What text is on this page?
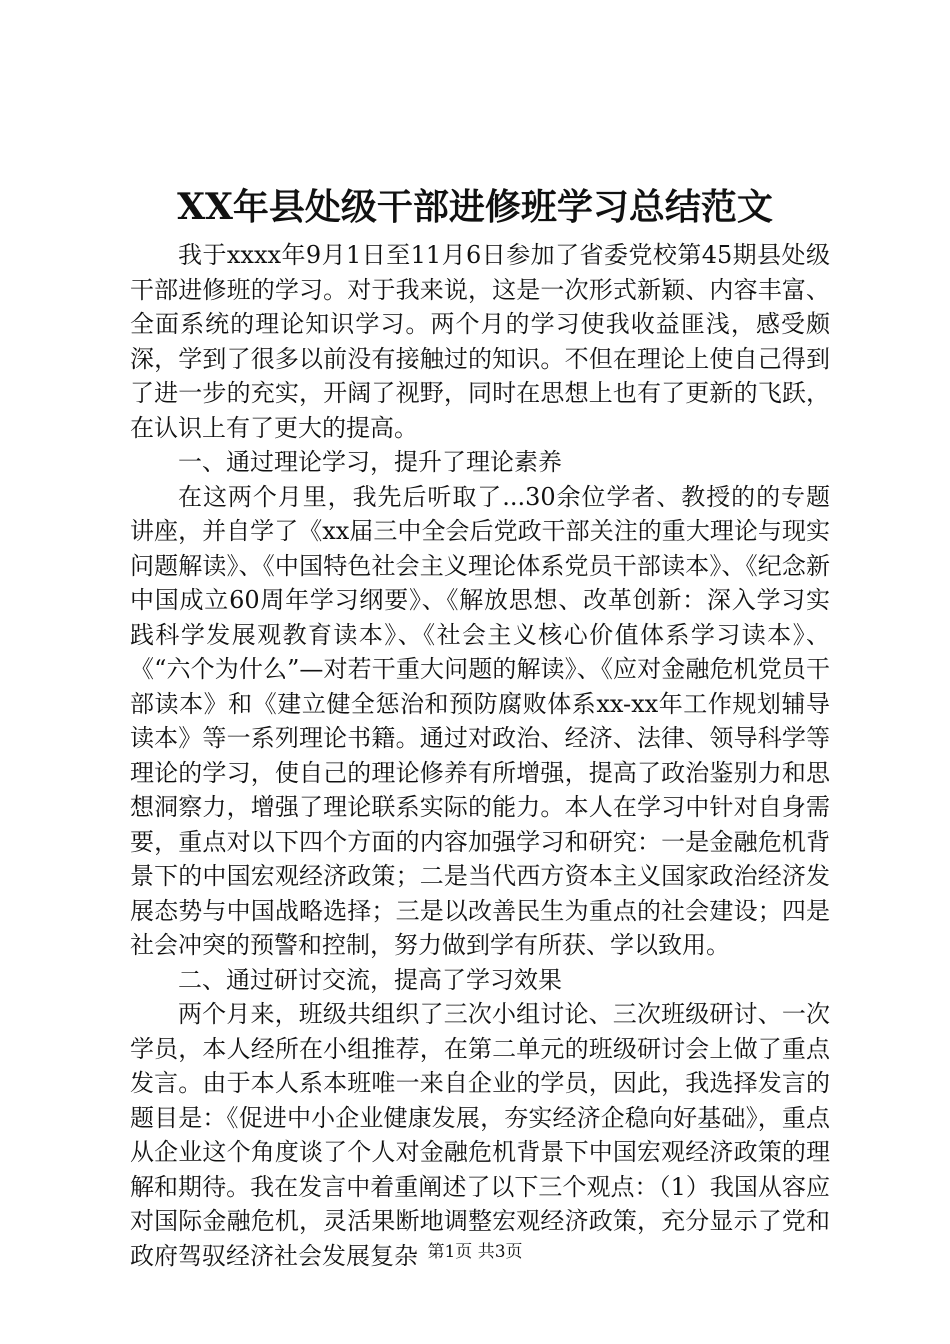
XX年县处级干部进修班学习总结范文

我于xxxx年9月1日至11月6日参加了省委党校第45期县处级干部进修班的学习。对于我来说，这是一次形式新颖、内容丰富、全面系统的理论知识学习。两个月的学习使我收益匪浅，感受颇深，学到了很多以前没有接触过的知识。不但在理论上使自己得到了进一步的充实，开阔了视野，同时在思想上也有了更新的飞跃，在认识上有了更大的提高。

一、通过理论学习，提升了理论素养

在这两个月里，我先后听取了...30余位学者、教授的的专题讲座，并自学了《xx届三中全会后党政干部关注的重大理论与现实问题解读》、《中国特色社会主义理论体系党员干部读本》、《纪念新中国成立60周年学习纲要》、《解放思想、改革创新：深入学习实践科学发展观教育读本》、《社会主义核心价值体系学习读本》、《“六个为什么”—对若干重大问题的解读》、《应对金融危机党员干部读本》和《建立健全惩治和预防腐败体系xx-xx年工作规划辅导读本》等一系列理论书籍。通过对政治、经济、法律、领导科学等理论的学习，使自己的理论修养有所增强，提高了政治鉴别力和思想洞察力，增强了理论联系实际的能力。本人在学习中针对自身需要，重点对以下四个方面的内容加强学习和研究：一是金融危机背景下的中国宏观经济政策；二是当代西方资本主义国家政治经济发展态势与中国战略选择；三是以改善民生为重点的社会建设；四是社会冲突的预警和控制，努力做到学有所获、学以致用。

二、通过研讨交流，提高了学习效果

两个月来，班级共组织了三次小组讨论、三次班级研讨、一次学员，本人经所在小组推荐，在第二单元的班级研讨会上做了重点发言。由于本人系本班唯一来自企业的学员，因此，我选择发言的题目是：《促进中小企业健康发展，夯实经济企稳向好基础》，重点从企业这个角度谈了个人对金融危机背景下中国宏观经济政策的理解和期待。我在发言中着重阐述了以下三个观点：（1）我国从容应对国际金融危机，灵活果断地调整宏观经济政策，充分显示了党和政府驾驭经济社会发展复杂 第1页 共3页
